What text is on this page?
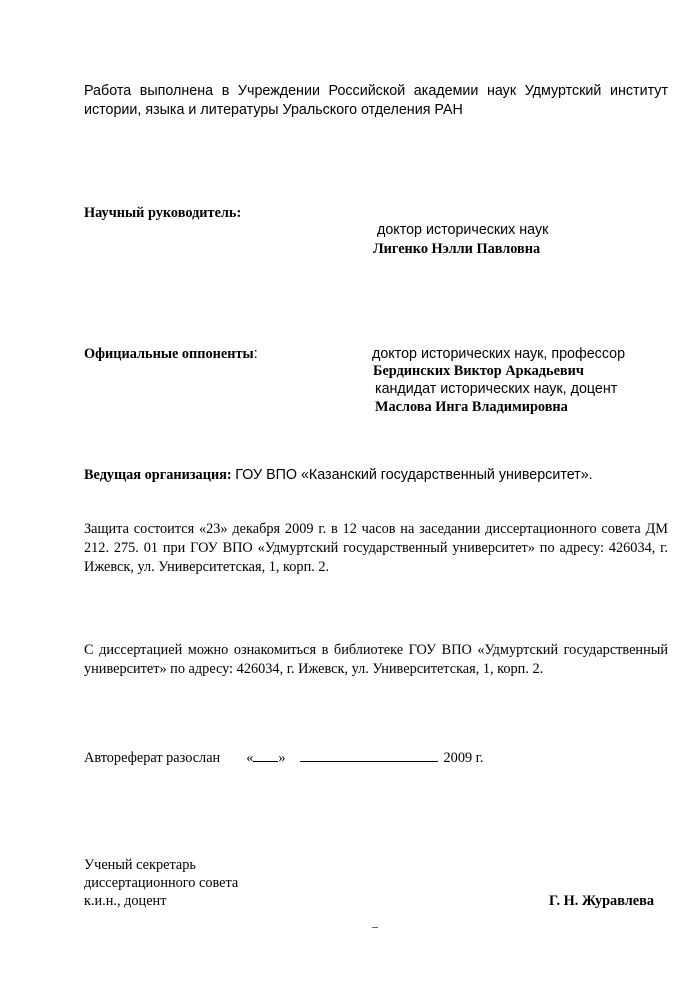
Работа выполнена в Учреждении Российской академии наук Удмуртский институт истории, языка и литературы Уральского отделения РАН

Научный руководитель:
доктор исторических наук
Лигенко Нэлли Павловна
Официальные оппоненты:	доктор исторических наук, профессор
Бердинских Виктор Аркадьевич
кандидат исторических наук, доцент
Маслова Инга Владимировна
Ведущая организация: ГОУ ВПО «Казанский государственный университет».

Защита состоится «23» декабря 2009 г. в 12 часов на заседании диссертационного совета ДМ 212. 275. 01 при ГОУ ВПО «Удмуртский государственный университет» по адресу: 426034, г. Ижевск, ул. Университетская, 1, корп. 2.

С диссертацией можно ознакомиться в библиотеке ГОУ ВПО «Удмуртский государственный университет» по адресу: 426034, г. Ижевск, ул. Университетская, 1, корп. 2.

Автореферат разослан « »	2009 г.
Ученый секретарь
диссертационного совета
к.и.н., доцент	Г. Н. Журавлева
–
